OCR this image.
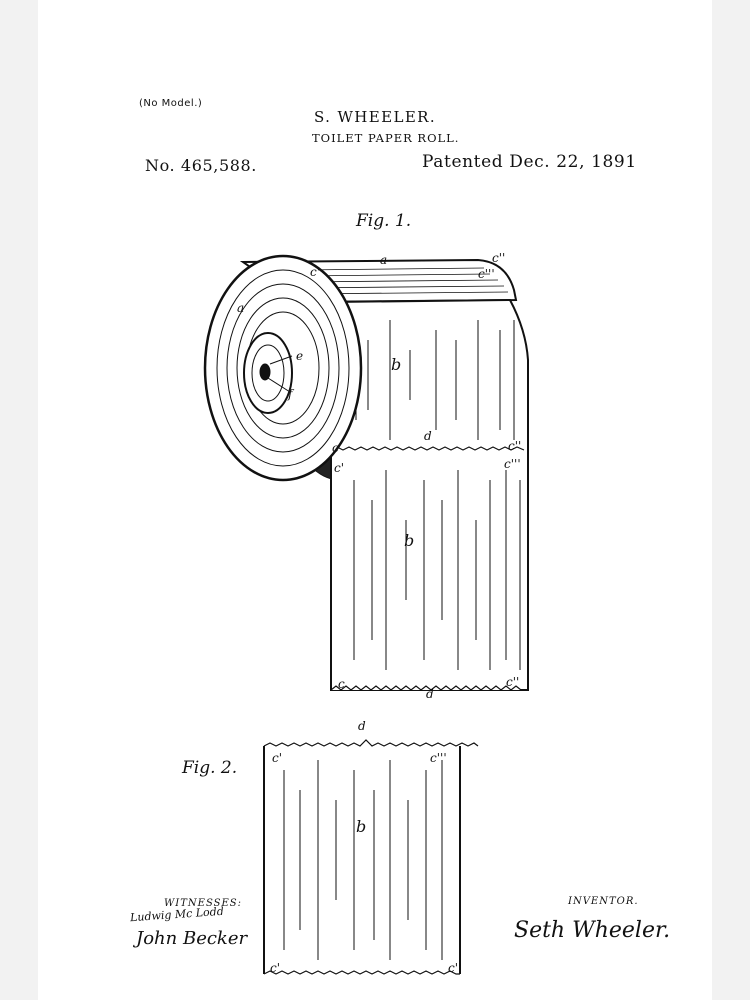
(No Model.)
S. WHEELER.
TOILET PAPER ROLL.
No. 465,588.	Patented Dec. 22, 1891
Fig. 1.
Fig. 2.
a
a
c'
c''
c'''
b
e
f
d
c
c'
c''
c'''
b
c
d
c''
d
c'	c'''
b
c'	c''
WITNESSES:
Ludwig Mc Lodd
John Becker
INVENTOR.
Seth Wheeler.
